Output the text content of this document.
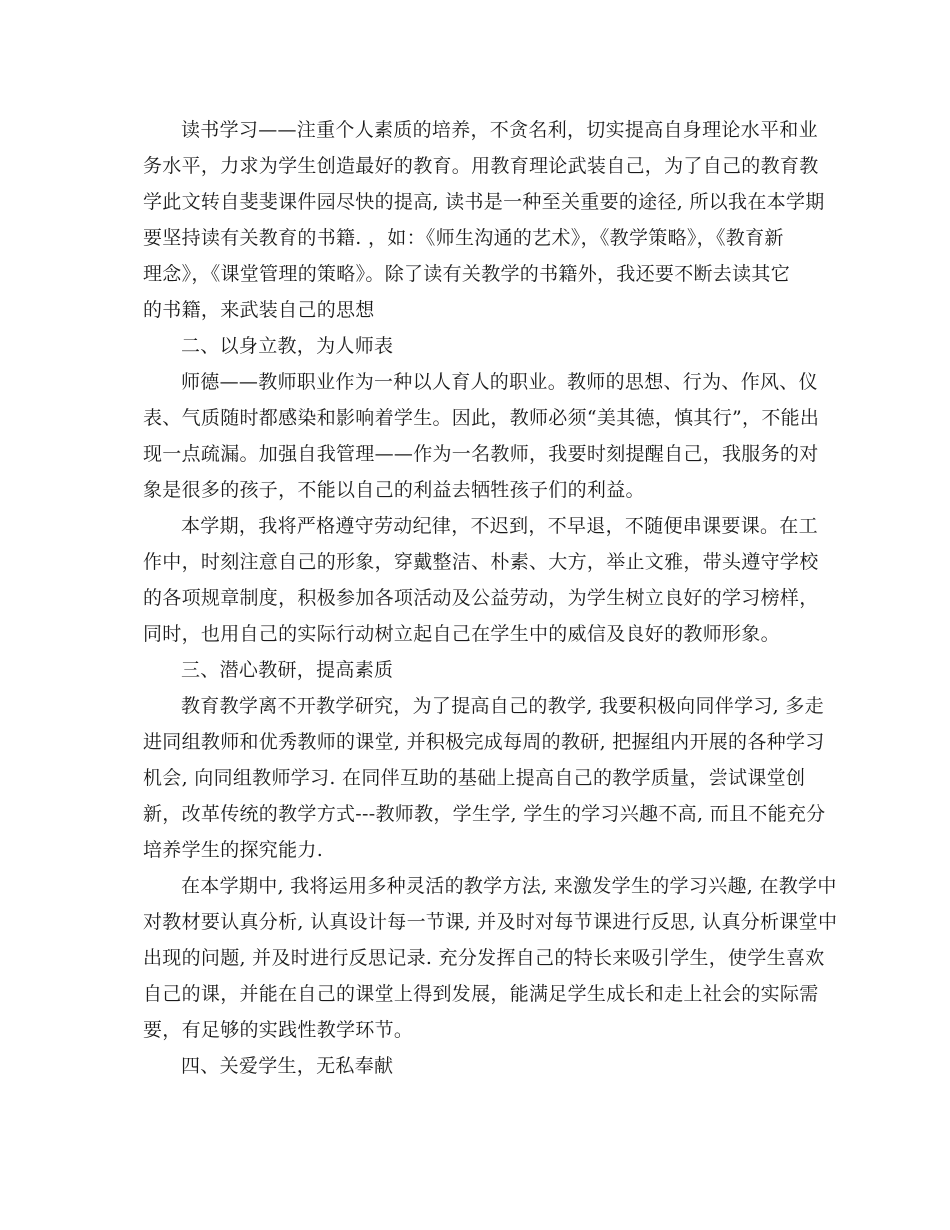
读书学习——注重个人素质的培养，不贪名利，切实提高自身理论水平和业
务水平，力求为学生创造最好的教育。用教育理论武装自己，为了自己的教育教
学此文转自斐斐课件园尽快的提高, 读书是一种至关重要的途径, 所以我在本学期
要坚持读有关教育的书籍. ，如：《师生沟通的艺术》，《教学策略》，《教育新
理念》，《课堂管理的策略》。除了读有关教学的书籍外，我还要不断去读其它
的书籍，来武装自己的思想

二、以身立教，为人师表

师德——教师职业作为一种以人育人的职业。教师的思想、行为、作风、仪
表、气质随时都感染和影响着学生。因此，教师必须“美其德，慎其行”，不能出
现一点疏漏。加强自我管理——作为一名教师，我要时刻提醒自己，我服务的对
象是很多的孩子，不能以自己的利益去牺牲孩子们的利益。

本学期，我将严格遵守劳动纪律，不迟到，不早退，不随便串课要课。在工
作中，时刻注意自己的形象，穿戴整洁、朴素、大方，举止文雅，带头遵守学校
的各项规章制度，积极参加各项活动及公益劳动，为学生树立良好的学习榜样，
同时，也用自己的实际行动树立起自己在学生中的威信及良好的教师形象。

三、潜心教研，提高素质

教育教学离不开教学研究，为了提高自己的教学, 我要积极向同伴学习, 多走
进同组教师和优秀教师的课堂, 并积极完成每周的教研, 把握组内开展的各种学习
机会, 向同组教师学习. 在同伴互助的基础上提高自己的教学质量，尝试课堂创
新，改革传统的教学方式---教师教，学生学, 学生的学习兴趣不高, 而且不能充分
培养学生的探究能力.

在本学期中, 我将运用多种灵活的教学方法, 来激发学生的学习兴趣, 在教学中
对教材要认真分析, 认真设计每一节课, 并及时对每节课进行反思, 认真分析课堂中
出现的问题, 并及时进行反思记录. 充分发挥自己的特长来吸引学生，使学生喜欢
自己的课，并能在自己的课堂上得到发展，能满足学生成长和走上社会的实际需
要，有足够的实践性教学环节。

四、关爱学生，无私奉献
